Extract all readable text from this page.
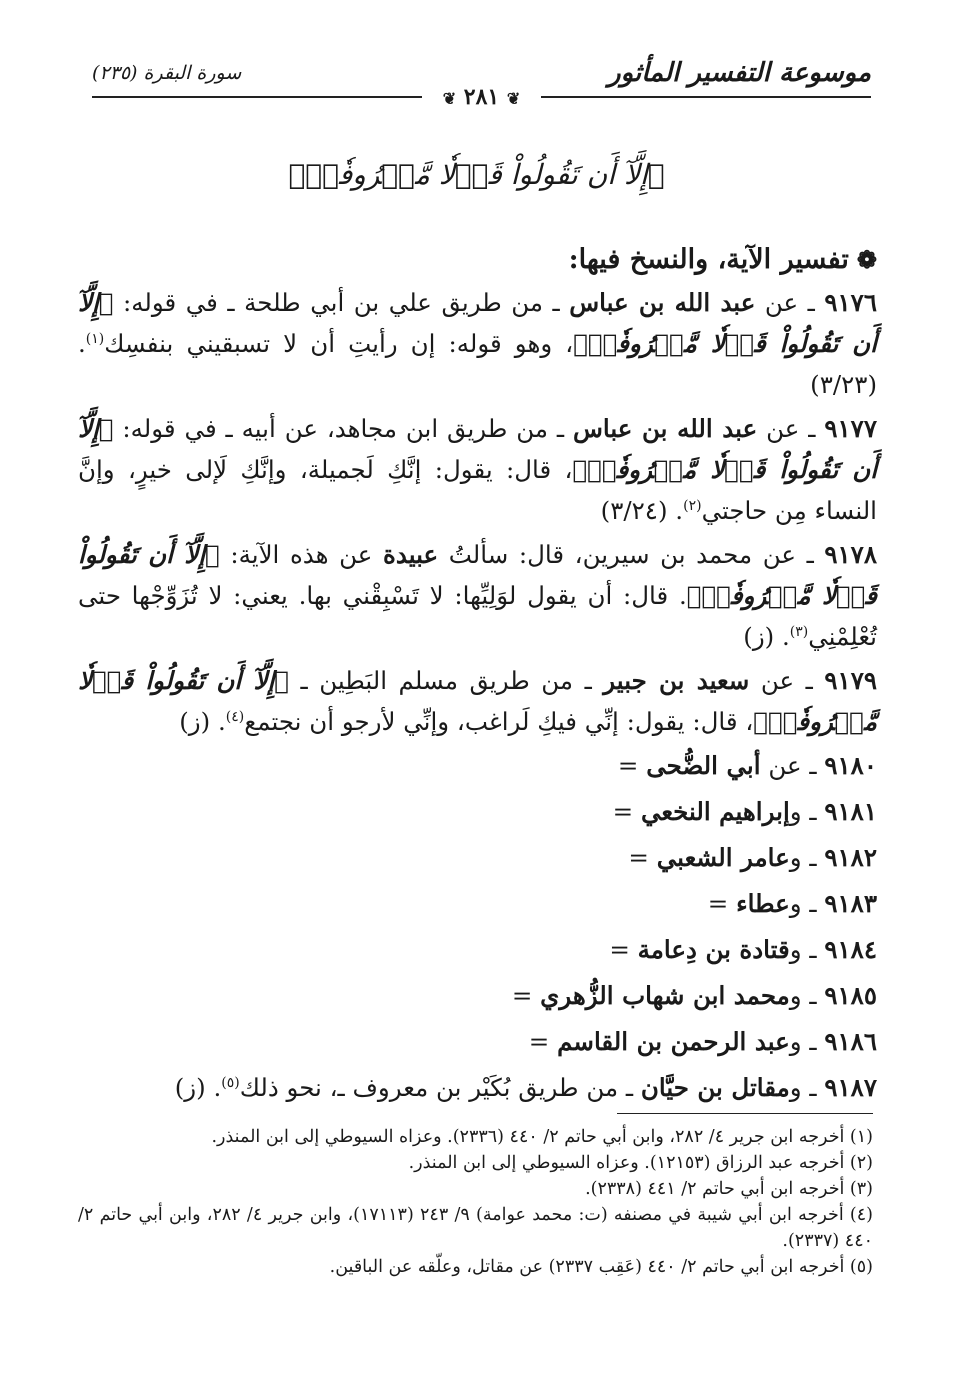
موسوعة التفسير المأثور
❦ ٢٨١ ❦
سورة البقرة (٢٣٥)
﴿إِلَّآ أَن تَقُولُواْ قَوۡلٗا مَّعۡرُوفٗاۚ﴾
❁تفسير الآية، والنسخ فيها:

٩١٧٦ ـ عن عبد الله بن عباس ـ من طريق علي بن أبي طلحة ـ في قوله: ﴿إِلَّآ أَن تَقُولُواْ قَوۡلٗا مَّعۡرُوفٗاۚ﴾، وهو قوله: إن رأيتِ أن لا تسبقيني بنفسِك$^{(١)}$. (٣/٢٣)

٩١٧٧ ـ عن عبد الله بن عباس ـ من طريق ابن مجاهد، عن أبيه ـ في قوله: ﴿إِلَّآ أَن تَقُولُواْ قَوۡلٗا مَّعۡرُوفٗاۚ﴾، قال: يقول: إنَّكِ لَجميلة، وإنَّكِ لَإلى خيرٍ، وإنَّ النساء مِن حاجتي$^{(٢)}$. (٣/٢٤)

٩١٧٨ ـ عن محمد بن سيرين، قال: سألتُ عبيدة عن هذه الآية: ﴿إِلَّآ أَن تَقُولُواْ قَوۡلٗا مَّعۡرُوفٗاۚ﴾. قال: أن يقول لوَلِيِّها: لا تَسْبِقْني بها. يعني: لا تُزَوِّجْها حتى تُعْلِمْنِي$^{(٣)}$. (ز)

٩١٧٩ ـ عن سعيد بن جبير ـ من طريق مسلم البَطِين ـ ﴿إِلَّآ أَن تَقُولُواْ قَوۡلٗا مَّعۡرُوفٗاۚ﴾، قال: يقول: إنِّي فيكِ لَراغب، وإنِّي لأرجو أن نجتمع$^{(٤)}$. (ز)

٩١٨٠ ـ عن أبي الضُّحى =

٩١٨١ ـ وإبراهيم النخعي =

٩١٨٢ ـ وعامر الشعبي =

٩١٨٣ ـ وعطاء =

٩١٨٤ ـ وقتادة بن دِعامة =

٩١٨٥ ـ ومحمد ابن شهاب الزُّهري =

٩١٨٦ ـ وعبد الرحمن بن القاسم =

٩١٨٧ ـ ومقاتل بن حيَّان ـ من طريق بُكَيْر بن معروف ـ، نحو ذلك$^{(٥)}$. (ز)

(١) أخرجه ابن جرير ٤/ ٢٨٢، وابن أبي حاتم ٢/ ٤٤٠ (٢٣٣٦). وعزاه السيوطي إلى ابن المنذر.

(٢) أخرجه عبد الرزاق (١٢١٥٣). وعزاه السيوطي إلى ابن المنذر.

(٣) أخرجه ابن أبي حاتم ٢/ ٤٤١ (٢٣٣٨).

(٤) أخرجه ابن أبي شيبة في مصنفه (ت: محمد عوامة) ٩/ ٢٤٣ (١٧١١٣)، وابن جرير ٤/ ٢٨٢، وابن أبي حاتم ٢/ ٤٤٠ (٢٣٣٧).

(٥) أخرجه ابن أبي حاتم ٢/ ٤٤٠ (عَقِب ٢٣٣٧) عن مقاتل، وعلّقه عن الباقين.
